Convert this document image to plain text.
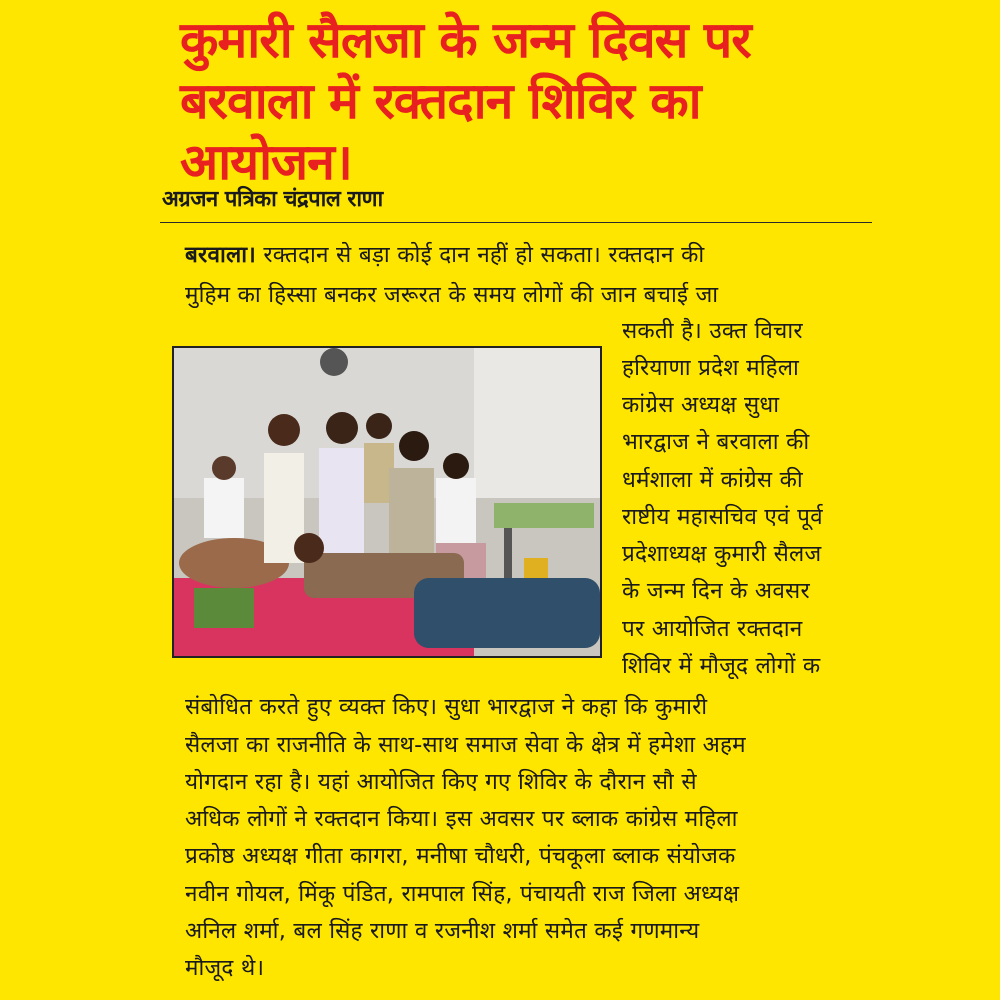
कुमारी सैलजा के जन्म दिवस पर
बरवाला में रक्तदान शिविर का
आयोजन।
अग्रजन पत्रिका चंद्रपाल राणा
बरवाला। रक्तदान से बड़ा कोई दान नहीं हो सकता। रक्तदान की
मुहिम का हिस्सा बनकर जरूरत के समय लोगों की जान बचाई जा
सकती है। उक्त विचार
हरियाणा प्रदेश महिला
कांग्रेस अध्यक्ष सुधा
भारद्वाज ने बरवाला की
धर्मशाला में कांग्रेस की
राष्टीय महासचिव एवं पूर्व
प्रदेशाध्यक्ष कुमारी सैलज
के जन्म दिन के अवसर
पर आयोजित रक्तदान
शिविर में मौजूद लोगों क
संबोधित करते हुए व्यक्त किए। सुधा भारद्वाज ने कहा कि कुमारी
सैलजा का राजनीति के साथ-साथ समाज सेवा के क्षेत्र में हमेशा अहम
योगदान रहा है। यहां आयोजित किए गए शिविर के दौरान सौ से
अधिक लोगों ने रक्तदान किया। इस अवसर पर ब्लाक कांग्रेस महिला
प्रकोष्ठ अध्यक्ष गीता कागरा, मनीषा चौधरी, पंचकूला ब्लाक संयोजक
नवीन गोयल, मिंकू पंडित, रामपाल सिंह, पंचायती राज जिला अध्यक्ष
अनिल शर्मा, बल सिंह राणा व रजनीश शर्मा समेत कई गणमान्य
मौजूद थे।
